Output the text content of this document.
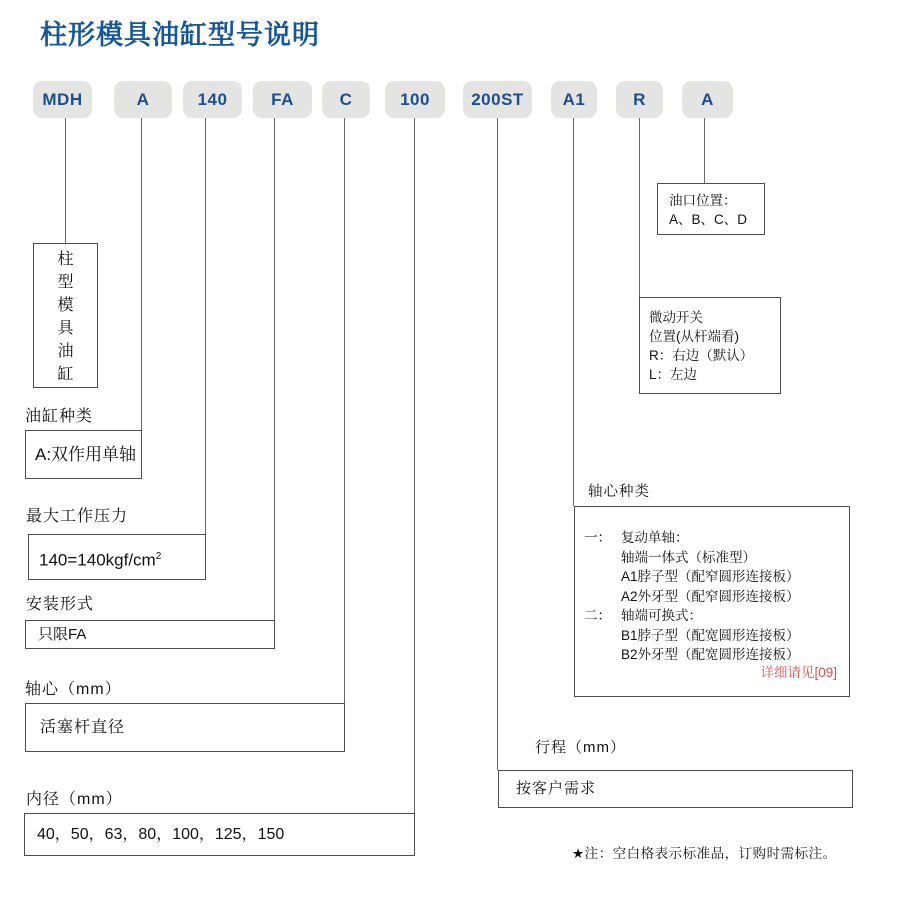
柱形模具油缸型号说明
MDH	A	140	FA	C	100	200ST	A1	R	A
柱型模具油缸
油缸种类
A:双作用单轴
最大工作压力
$140=140kgf/cm^2$
安装形式
只限FA
轴心（mm）
活塞杆直径
内径（mm）
40，50，63，80，100，125，150
行程（mm）
按客户需求
轴心种类
一： 复动单轴：
轴端一体式（标准型）
A1脖子型（配窄圆形连接板）
A2外牙型（配窄圆形连接板）
二： 轴端可换式：
B1脖子型（配宽圆形连接板）
B2外牙型（配宽圆形连接板）
详细请见[09]
微动开关
位置(从杆端看)
R：右边（默认）
L：左边
油口位置：
A、B、C、D
★注：空白格表示标准品，订购时需标注。
